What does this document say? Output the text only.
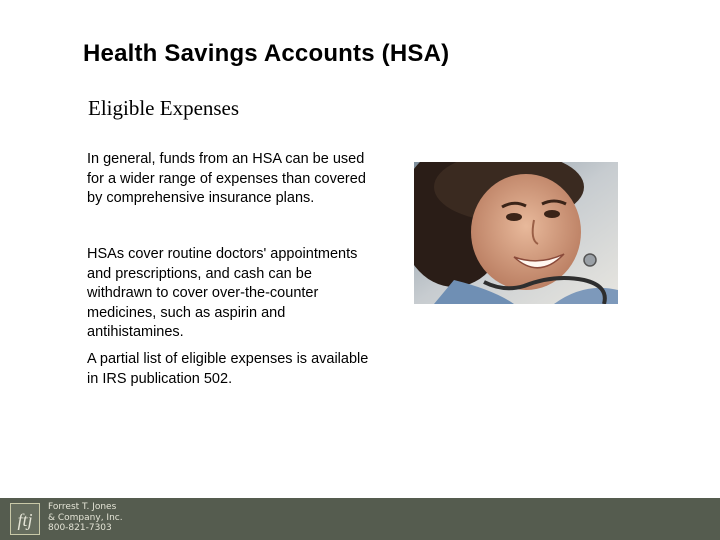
Health Savings Accounts (HSA)
Eligible Expenses
In general, funds from an HSA can be used for a wider range of expenses than covered by comprehensive insurance plans.
HSAs cover routine doctors' appointments and prescriptions, and cash can be withdrawn to cover over-the-counter medicines, such as aspirin and antihistamines.
A partial list of eligible expenses is available in IRS publication 502.
ftj
Forrest T. Jones
& Company, Inc.
800-821-7303
